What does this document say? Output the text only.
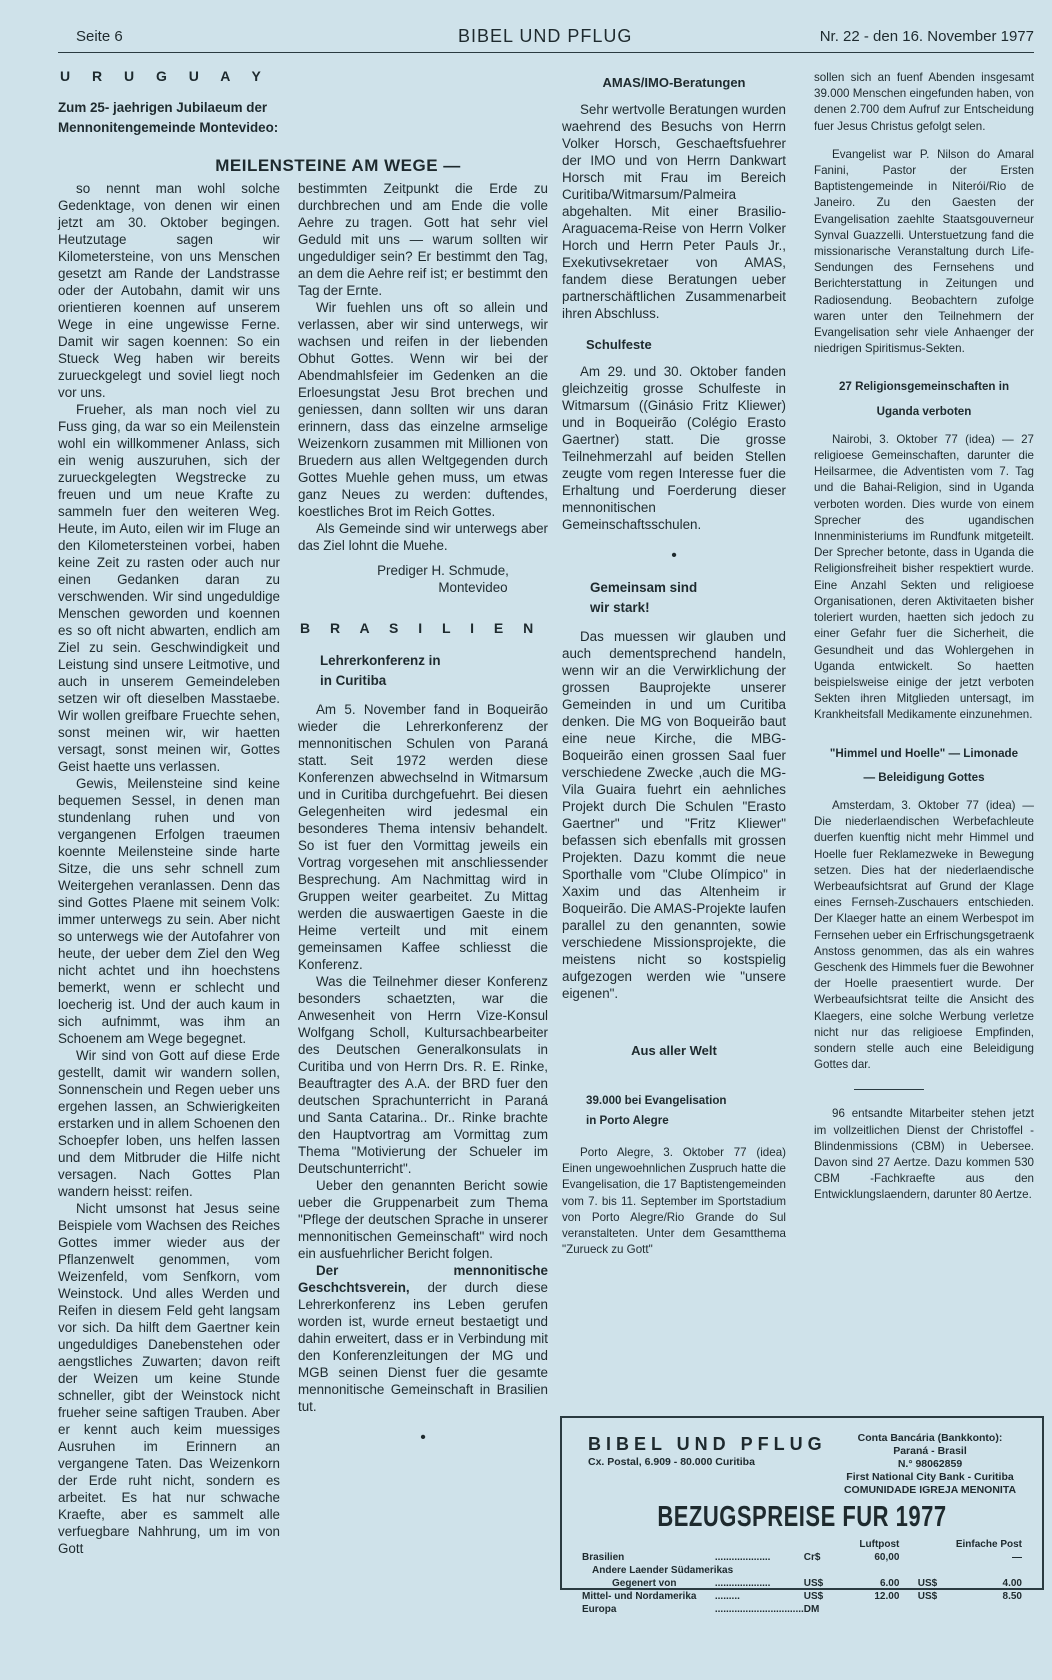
Seite 6	BIBEL UND PFLUG	Nr. 22 - den 16. November 1977
U R U G U A Y
Zum 25- jaehrigen Jubilaeum der
Mennonitengemeinde Montevideo:
MEILENSTEINE AM WEGE —

so nennt man wohl solche Gedenktage, von denen wir einen jetzt am 30. Oktober begingen. Heutzutage sagen wir Kilometersteine, von uns Menschen gesetzt am Rande der Landstrasse oder der Autobahn, damit wir uns orientieren koennen auf unserem Wege in eine ungewisse Ferne. Damit wir sagen koennen: So ein Stueck Weg haben wir bereits zurueckgelegt und soviel liegt noch vor uns.

Frueher, als man noch viel zu Fuss ging, da war so ein Meilenstein wohl ein willkommener Anlass, sich ein wenig auszuruhen, sich der zurueckgelegten Wegstrecke zu freuen und um neue Krafte zu sammeln fuer den weiteren Weg. Heute, im Auto, eilen wir im Fluge an den Kilometersteinen vorbei, haben keine Zeit zu rasten oder auch nur einen Gedanken daran zu verschwenden. Wir sind ungeduldige Menschen geworden und koennen es so oft nicht abwarten, endlich am Ziel zu sein. Geschwindigkeit und Leistung sind unsere Leitmotive, und auch in unserem Gemeindeleben setzen wir oft dieselben Masstaebe. Wir wollen greifbare Fruechte sehen, sonst meinen wir, wir haetten versagt, sonst meinen wir, Gottes Geist haette uns verlassen.

Gewis, Meilensteine sind keine bequemen Sessel, in denen man stundenlang ruhen und von vergangenen Erfolgen traeumen koennte Meilensteine sinde harte Sitze, die uns sehr schnell zum Weitergehen veranlassen. Denn das sind Gottes Plaene mit seinem Volk: immer unterwegs zu sein. Aber nicht so unterwegs wie der Autofahrer von heute, der ueber dem Ziel den Weg nicht achtet und ihn hoechstens bemerkt, wenn er schlecht und loecherig ist. Und der auch kaum in sich aufnimmt, was ihm an Schoenem am Wege begegnet.

Wir sind von Gott auf diese Erde gestellt, damit wir wandern sollen, Sonnenschein und Regen ueber uns ergehen lassen, an Schwierigkeiten erstarken und in allem Schoenen den Schoepfer loben, uns helfen lassen und dem Mitbruder die Hilfe nicht versagen. Nach Gottes Plan wandern heisst: reifen.

Nicht umsonst hat Jesus seine Beispiele vom Wachsen des Reiches Gottes immer wieder aus der Pflanzenwelt genommen, vom Weizenfeld, vom Senfkorn, vom Weinstock. Und alles Werden und Reifen in diesem Feld geht langsam vor sich. Da hilft dem Gaertner kein ungeduldiges Danebenstehen oder aengstliches Zuwarten; davon reift der Weizen um keine Stunde schneller, gibt der Weinstock nicht frueher seine saftigen Trauben. Aber er kennt auch keim muessiges Ausruhen im Erinnern an vergangene Taten. Das Weizenkorn der Erde ruht nicht, sondern es arbeitet. Es hat nur schwache Kraefte, aber es sammelt alle verfuegbare Nahhrung, um im von Gott

bestimmten Zeitpunkt die Erde zu durchbrechen und am Ende die volle Aehre zu tragen. Gott hat sehr viel Geduld mit uns — warum sollten wir ungeduldiger sein? Er bestimmt den Tag, an dem die Aehre reif ist; er bestimmt den Tag der Ernte.

Wir fuehlen uns oft so allein und verlassen, aber wir sind unterwegs, wir wachsen und reifen in der liebenden Obhut Gottes. Wenn wir bei der Abendmahlsfeier im Gedenken an die Erloesungstat Jesu Brot brechen und geniessen, dann sollten wir uns daran erinnern, dass das einzelne armselige Weizenkorn zusammen mit Millionen von Bruedern aus allen Weltgegenden durch Gottes Muehle gehen muss, um etwas ganz Neues zu werden: duftendes, koestliches Brot im Reich Gottes.

Als Gemeinde sind wir unterwegs aber das Ziel lohnt die Muehe.

Prediger H. Schmude,
Montevideo
B R A S I L I E N
Lehrerkonferenz in
in Curitiba

Am 5. November fand in Boqueirão wieder die Lehrerkonferenz der mennonitischen Schulen von Paraná statt. Seit 1972 werden diese Konferenzen abwechselnd in Witmarsum und in Curitiba durchgefuehrt. Bei diesen Gelegenheiten wird jedesmal ein besonderes Thema intensiv behandelt. So ist fuer den Vormittag jeweils ein Vortrag vorgesehen mit anschliessender Besprechung. Am Nachmittag wird in Gruppen weiter gearbeitet. Zu Mittag werden die auswaertigen Gaeste in die Heime verteilt und mit einem gemeinsamen Kaffee schliesst die Konferenz.

Was die Teilnehmer dieser Konferenz besonders schaetzten, war die Anwesenheit von Herrn Vize-Konsul Wolfgang Scholl, Kultursachbearbeiter des Deutschen Generalkonsulats in Curitiba und von Herrn Drs. R. E. Rinke, Beauftragter des A.A. der BRD fuer den deutschen Sprachunterricht in Paraná und Santa Catarina.. Dr.. Rinke brachte den Hauptvortrag am Vormittag zum Thema "Motivierung der Schueler im Deutschunterricht".

Ueber den genannten Bericht sowie ueber die Gruppenarbeit zum Thema "Pflege der deutschen Sprache in unserer mennonitischen Gemeinschaft" wird noch ein ausfuehrlicher Bericht folgen.

Der mennonitische Geschchtsverein, der durch diese Lehrerkonferenz ins Leben gerufen worden ist, wurde erneut bestaetigt und dahin erweitert, dass er in Verbindung mit den Konferenzleitungen der MG und MGB seinen Dienst fuer die gesamte mennonitische Gemeinschaft in Brasilien tut.

•
AMAS/IMO-Beratungen

Sehr wertvolle Beratungen wurden waehrend des Besuchs von Herrn Volker Horsch, Geschaeftsfuehrer der IMO und von Herrn Dankwart Horsch mit Frau im Bereich Curitiba/Witmarsum/Palmeira abgehalten. Mit einer Brasilio-Araguacema-Reise von Herrn Volker Horch und Herrn Peter Pauls Jr., Exekutivsekretaer von AMAS, fandem diese Beratungen ueber partnerschäftlichen Zusammenarbeit ihren Abschluss.

Schulfeste

Am 29. und 30. Oktober fanden gleichzeitig grosse Schulfeste in Witmarsum ((Ginásio Fritz Kliewer) und in Boqueirão (Colégio Erasto Gaertner) statt. Die grosse Teilnehmerzahl auf beiden Stellen zeugte vom regen Interesse fuer die Erhaltung und Foerderung dieser mennonitischen Gemeinschaftsschulen.

•
Gemeinsam sind
wir stark!

Das muessen wir glauben und auch dementsprechend handeln, wenn wir an die Verwirklichung der grossen Bauprojekte unserer Gemeinden in und um Curitiba denken. Die MG von Boqueirão baut eine neue Kirche, die MBG-Boqueirão einen grossen Saal fuer verschiedene Zwecke ,auch die MG-Vila Guaira fuehrt ein aehnliches Projekt durch Die Schulen "Erasto Gaertner" und "Fritz Kliewer" befassen sich ebenfalls mit grossen Projekten. Dazu kommt die neue Sporthalle vom "Clube Olímpico" in Xaxim und das Altenheim ir Boqueirão. Die AMAS-Projekte laufen parallel zu den genannten, sowie verschiedene Missionsprojekte, die meistens nicht so kostspielig aufgezogen werden wie "unsere eigenen".

Aus aller Welt
39.000 bei Evangelisation
in Porto Alegre

Porto Alegre, 3. Oktober 77 (idea) Einen ungewoehnlichen Zuspruch hatte die Evangelisation, die 17 Baptistengemeinden vom 7. bis 11. September im Sportstadium von Porto Alegre/Rio Grande do Sul veranstalteten. Unter dem Gesamtthema "Zurueck zu Gott"

sollen sich an fuenf Abenden insgesamt 39.000 Menschen eingefunden haben, von denen 2.700 dem Aufruf zur Entscheidung fuer Jesus Christus gefolgt selen.

Evangelist war P. Nilson do Amaral Fanini, Pastor der Ersten Baptistengemeinde in Niterói/Rio de Janeiro. Zu den Gaesten der Evangelisation zaehlte Staatsgouverneur Synval Guazzelli. Unterstuetzung fand die missionarische Veranstaltung durch Life-Sendungen des Fernsehens und Berichterstattung in Zeitungen und Radiosendung. Beobachtern zufolge waren unter den Teilnehmern der Evangelisation sehr viele Anhaenger der niedrigen Spiritismus-Sekten.

27 Religionsgemeinschaften in
Uganda verboten

Nairobi, 3. Oktober 77 (idea) — 27 religioese Gemeinschaften, darunter die Heilsarmee, die Adventisten vom 7. Tag und die Bahai-Religion, sind in Uganda verboten worden. Dies wurde von einem Sprecher des ugandischen Innenministeriums im Rundfunk mitgeteilt. Der Sprecher betonte, dass in Uganda die Religionsfreiheit bisher respektiert wurde. Eine Anzahl Sekten und religioese Organisationen, deren Aktivitaeten bisher toleriert wurden, haetten sich jedoch zu einer Gefahr fuer die Sicherheit, die Gesundheit und das Wohlergehen in Uganda entwickelt. So haetten beispielsweise einige der jetzt verboten Sekten ihren Mitglieden untersagt, im Krankheitsfall Medikamente einzunehmen.

"Himmel und Hoelle" — Limonade
— Beleidigung Gottes

Amsterdam, 3. Oktober 77 (idea) — Die niederlaendischen Werbefachleute duerfen kuenftig nicht mehr Himmel und Hoelle fuer Reklamezweke in Bewegung setzen. Dies hat der niederlaendische Werbeaufsichtsrat auf Grund der Klage eines Fernseh-Zuschauers entschieden. Der Klaeger hatte an einem Werbespot im Fernsehen ueber ein Erfrischungsgetraenk Anstoss genommen, das als ein wahres Geschenk des Himmels fuer die Bewohner der Hoelle praesentiert wurde. Der Werbeaufsichtsrat teilte die Ansicht des Klaegers, eine solche Werbung verletze nicht nur das religioese Empfinden, sondern stelle auch eine Beleidigung Gottes dar.

96 entsandte Mitarbeiter stehen jetzt im vollzeitlichen Dienst der Christoffel -Blindenmissions (CBM) in Uebersee. Davon sind 27 Aertze. Dazu kommen 530 CBM -Fachkraefte aus den Entwicklungslaendern, darunter 80 Aertze.

BIBEL UND PFLUG
Cx. Postal, 6.909 - 80.000 Curitiba
Conta Bancária (Bankkonto):
Paraná - Brasil
N.° 98062859
First National City Bank - Curitiba
COMUNIDADE IGREJA MENONITA
BEZUGSPREISE FUR 1977
			Luftpost		Einfache Post
Brasilien	....................	Cr$	60,00		—
Andere Laender Südamerikas					
Gegenert von	....................	US$	6.00	US$	4.00
Mittel- und Nordamerika	.........	US$	12.00	US$	8.50
Europa	................................	DM			
